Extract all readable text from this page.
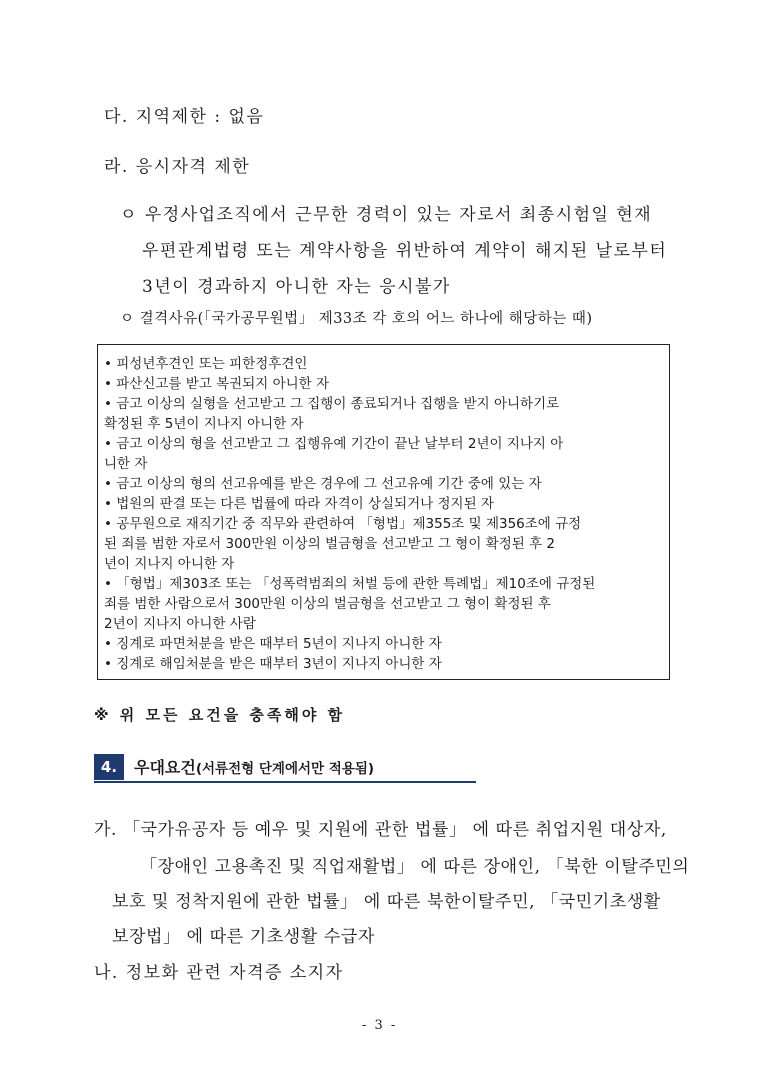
다. 지역제한 : 없음
라. 응시자격 제한
ㅇ 우정사업조직에서 근무한 경력이 있는 자로서 최종시험일 현재
우편관계법령 또는 계약사항을 위반하여 계약이 해지된 날로부터
3년이 경과하지 아니한 자는 응시불가
ㅇ 결격사유(「국가공무원법」 제33조 각 호의 어느 하나에 해당하는 때)
• 피성년후견인 또는 피한정후견인
• 파산신고를 받고 복권되지 아니한 자
• 금고 이상의 실형을 선고받고 그 집행이 종료되거나 집행을 받지 아니하기로
확정된 후 5년이 지나지 아니한 자
• 금고 이상의 형을 선고받고 그 집행유예 기간이 끝난 날부터 2년이 지나지 아
니한 자
• 금고 이상의 형의 선고유예를 받은 경우에 그 선고유예 기간 중에 있는 자
• 법원의 판결 또는 다른 법률에 따라 자격이 상실되거나 정지된 자
• 공무원으로 재직기간 중 직무와 관련하여 「형법」제355조 및 제356조에 규정
된 죄를 범한 자로서 300만원 이상의 벌금형을 선고받고 그 형이 확정된 후 2
년이 지나지 아니한 자
• 「형법」제303조 또는 「성폭력범죄의 처벌 등에 관한 특례법」제10조에 규정된
죄를 범한 사람으로서 300만원 이상의 벌금형을 선고받고 그 형이 확정된 후
2년이 지나지 아니한 사람
• 징계로 파면처분을 받은 때부터 5년이 지나지 아니한 자
• 징계로 해임처분을 받은 때부터 3년이 지나지 아니한 자
※ 위 모든 요건을 충족해야 함
4.	우대요건(서류전형 단계에서만 적용됨)
가. 「국가유공자 등 예우 및 지원에 관한 법률」 에 따른 취업지원 대상자,
「장애인 고용촉진 및 직업재활법」 에 따른 장애인, 「북한 이탈주민의
보호 및 정착지원에 관한 법률」 에 따른 북한이탈주민, 「국민기초생활
보장법」 에 따른 기초생활 수급자
나. 정보화 관련 자격증 소지자
- 3 -
